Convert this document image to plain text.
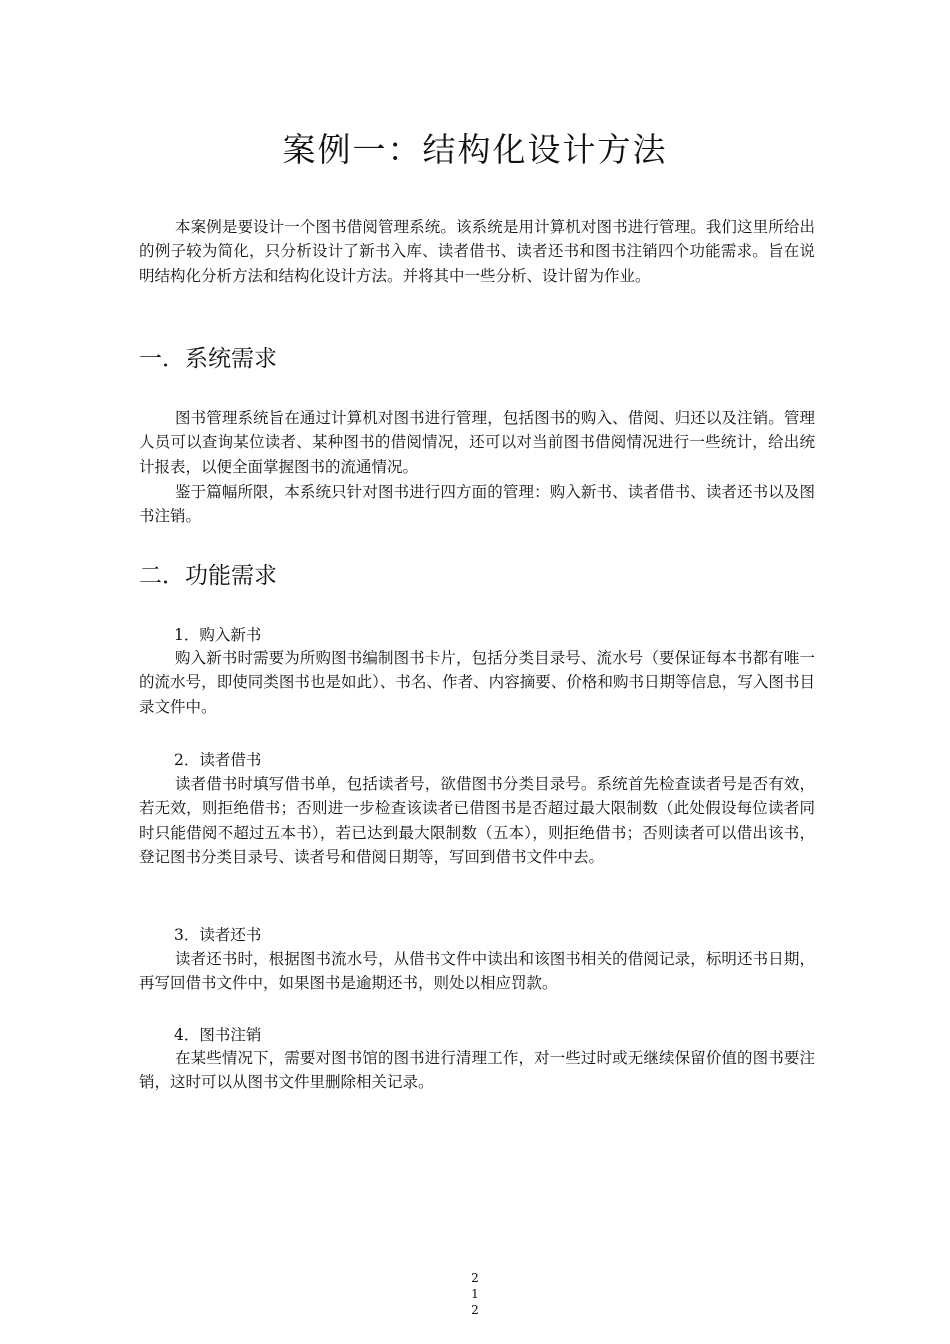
案例一：结构化设计方法

本案例是要设计一个图书借阅管理系统。该系统是用计算机对图书进行管理。我们这里所给出的例子较为简化，只分析设计了新书入库、读者借书、读者还书和图书注销四个功能需求。旨在说明结构化分析方法和结构化设计方法。并将其中一些分析、设计留为作业。

一．系统需求

图书管理系统旨在通过计算机对图书进行管理，包括图书的购入、借阅、归还以及注销。管理人员可以查询某位读者、某种图书的借阅情况，还可以对当前图书借阅情况进行一些统计，给出统计报表，以便全面掌握图书的流通情况。

鉴于篇幅所限，本系统只针对图书进行四方面的管理：购入新书、读者借书、读者还书以及图书注销。

二．功能需求

1．购入新书

购入新书时需要为所购图书编制图书卡片，包括分类目录号、流水号（要保证每本书都有唯一的流水号，即使同类图书也是如此）、书名、作者、内容摘要、价格和购书日期等信息，写入图书目录文件中。

2．读者借书

读者借书时填写借书单，包括读者号，欲借图书分类目录号。系统首先检查读者号是否有效，若无效，则拒绝借书；否则进一步检查该读者已借图书是否超过最大限制数（此处假设每位读者同时只能借阅不超过五本书），若已达到最大限制数（五本），则拒绝借书；否则读者可以借出该书，登记图书分类目录号、读者号和借阅日期等，写回到借书文件中去。

3．读者还书

读者还书时，根据图书流水号，从借书文件中读出和该图书相关的借阅记录，标明还书日期，再写回借书文件中，如果图书是逾期还书，则处以相应罚款。

4．图书注销

在某些情况下，需要对图书馆的图书进行清理工作，对一些过时或无继续保留价值的图书要注销，这时可以从图书文件里删除相关记录。

2
1
2
